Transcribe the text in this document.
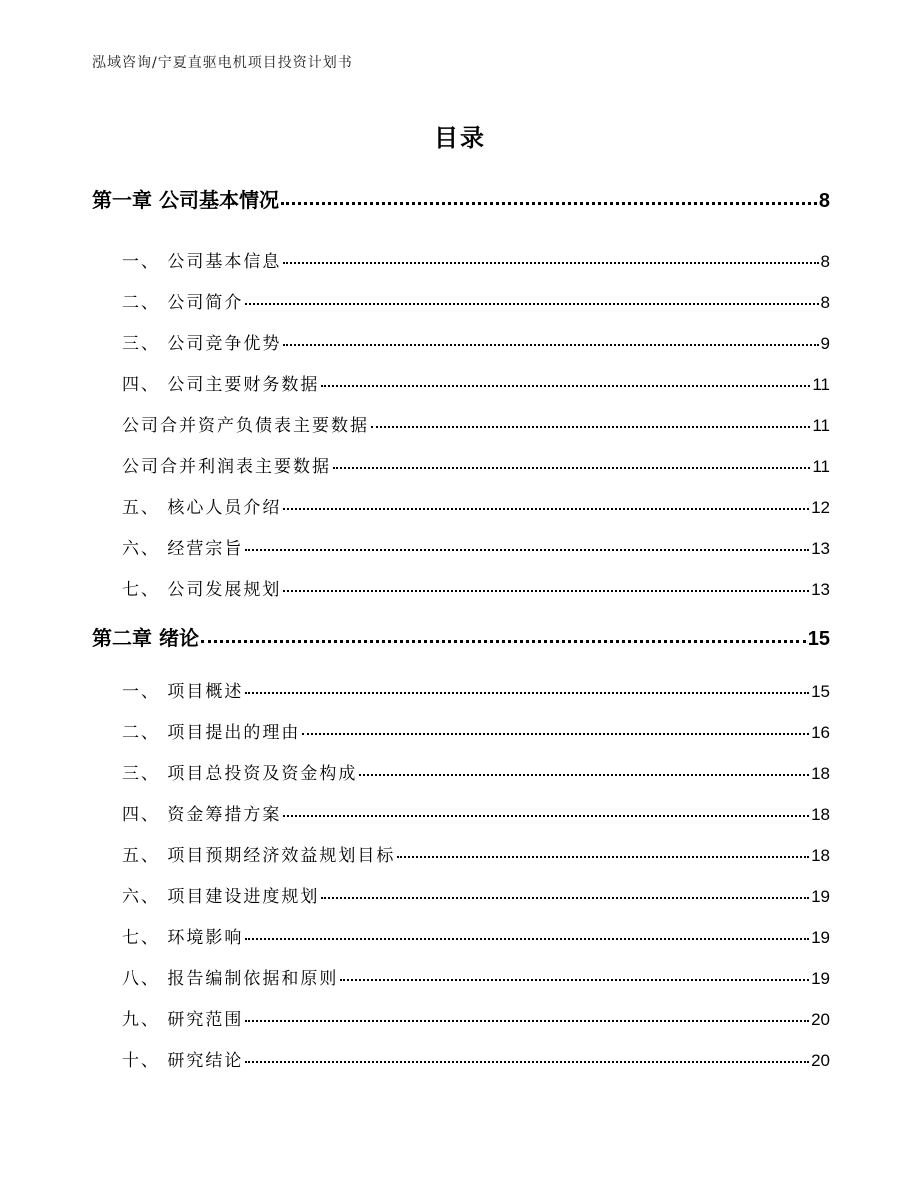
泓域咨询/宁夏直驱电机项目投资计划书
目录
第一章 公司基本情况	8
一、 公司基本信息	8
二、 公司简介	8
三、 公司竞争优势	9
四、 公司主要财务数据	11
公司合并资产负债表主要数据	11
公司合并利润表主要数据	11
五、 核心人员介绍	12
六、 经营宗旨	13
七、 公司发展规划	13
第二章 绪论	15
一、 项目概述	15
二、 项目提出的理由	16
三、 项目总投资及资金构成	18
四、 资金筹措方案	18
五、 项目预期经济效益规划目标	18
六、 项目建设进度规划	19
七、 环境影响	19
八、 报告编制依据和原则	19
九、 研究范围	20
十、 研究结论	20
